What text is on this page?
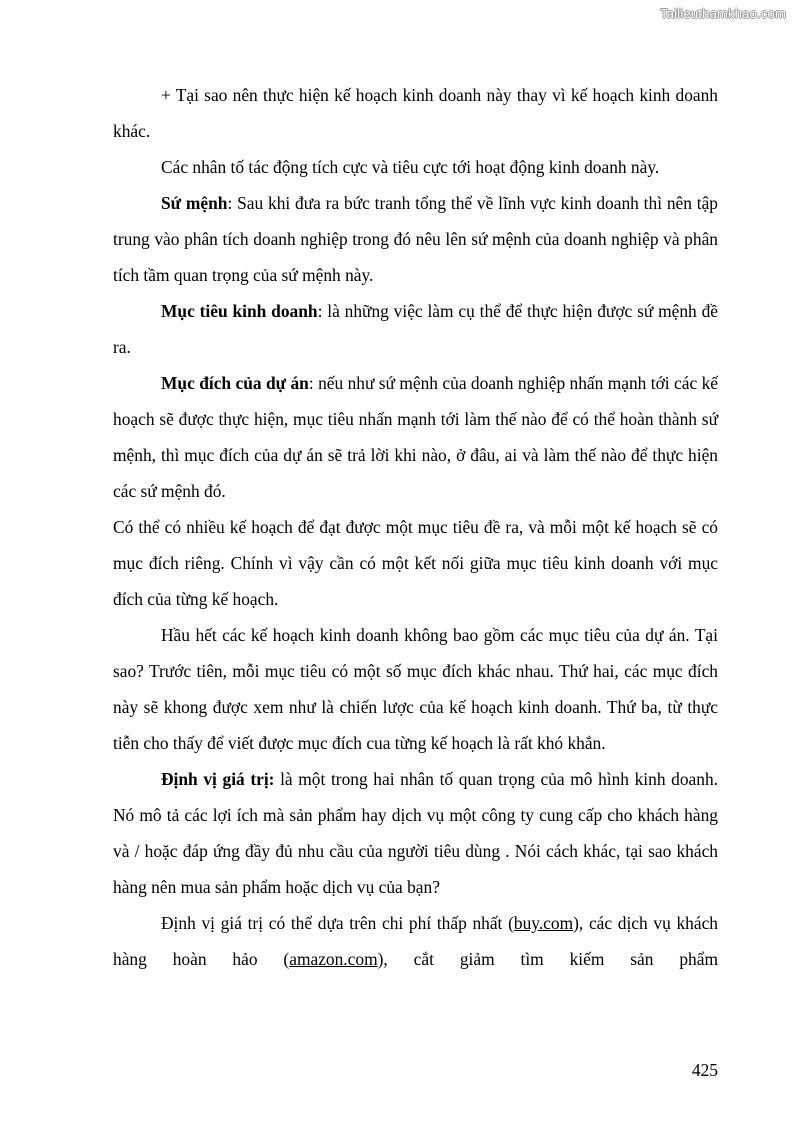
Tailieuthamkhao.com

+ Tại sao nên thực hiện kế hoạch kinh doanh này thay vì kế hoạch kinh doanh khác.

Các nhân tố tác động tích cực và tiêu cực tới hoạt động kinh doanh này.

Sứ mệnh: Sau khi đưa ra bức tranh tổng thể về lĩnh vực kinh doanh thì nên tập trung vào phân tích doanh nghiệp trong đó nêu lên sứ mệnh của doanh nghiệp và phân tích tầm quan trọng của sứ mệnh này.

Mục tiêu kinh doanh: là những việc làm cụ thể để thực hiện được sứ mệnh đề ra.

Mục đích của dự án: nếu như sứ mệnh của doanh nghiệp nhấn mạnh tới các kế hoạch sẽ được thực hiện, mục tiêu nhấn mạnh tới làm thế nào để có thể hoàn thành sứ mệnh, thì mục đích của dự án sẽ trả lời khi nào, ở đâu, ai và làm thế nào để thực hiện các sứ mệnh đó.

Có thể có nhiều kế hoạch để đạt được một mục tiêu đề ra, và mỗi một kế hoạch sẽ có mục đích riêng. Chính vì vậy cần có một kết nối giữa mục tiêu kinh doanh với mục đích của từng kế hoạch.

Hầu hết các kế hoạch kinh doanh không bao gồm các mục tiêu của dự án. Tại sao? Trước tiên, mỗi mục tiêu có một số mục đích khác nhau. Thứ hai, các mục đích này sẽ khong được xem như là chiến lược của kế hoạch kinh doanh. Thứ ba, từ thực tiễn cho thấy để viết được mục đích cua từng kế hoạch là rất khó khắn.

Định vị giá trị: là một trong hai nhân tố quan trọng của mô hình kinh doanh. Nó mô tả các lợi ích mà sản phẩm hay dịch vụ một công ty cung cấp cho khách hàng và / hoặc đáp ứng đầy đủ nhu cầu của người tiêu dùng . Nói cách khác, tại sao khách hàng nên mua sản phẩm hoặc dịch vụ của bạn?

Định vị giá trị có thể dựa trên chi phí thấp nhất (buy.com), các dịch vụ khách hàng hoàn hảo (amazon.com), cắt giảm tìm kiếm sản phẩm

425
